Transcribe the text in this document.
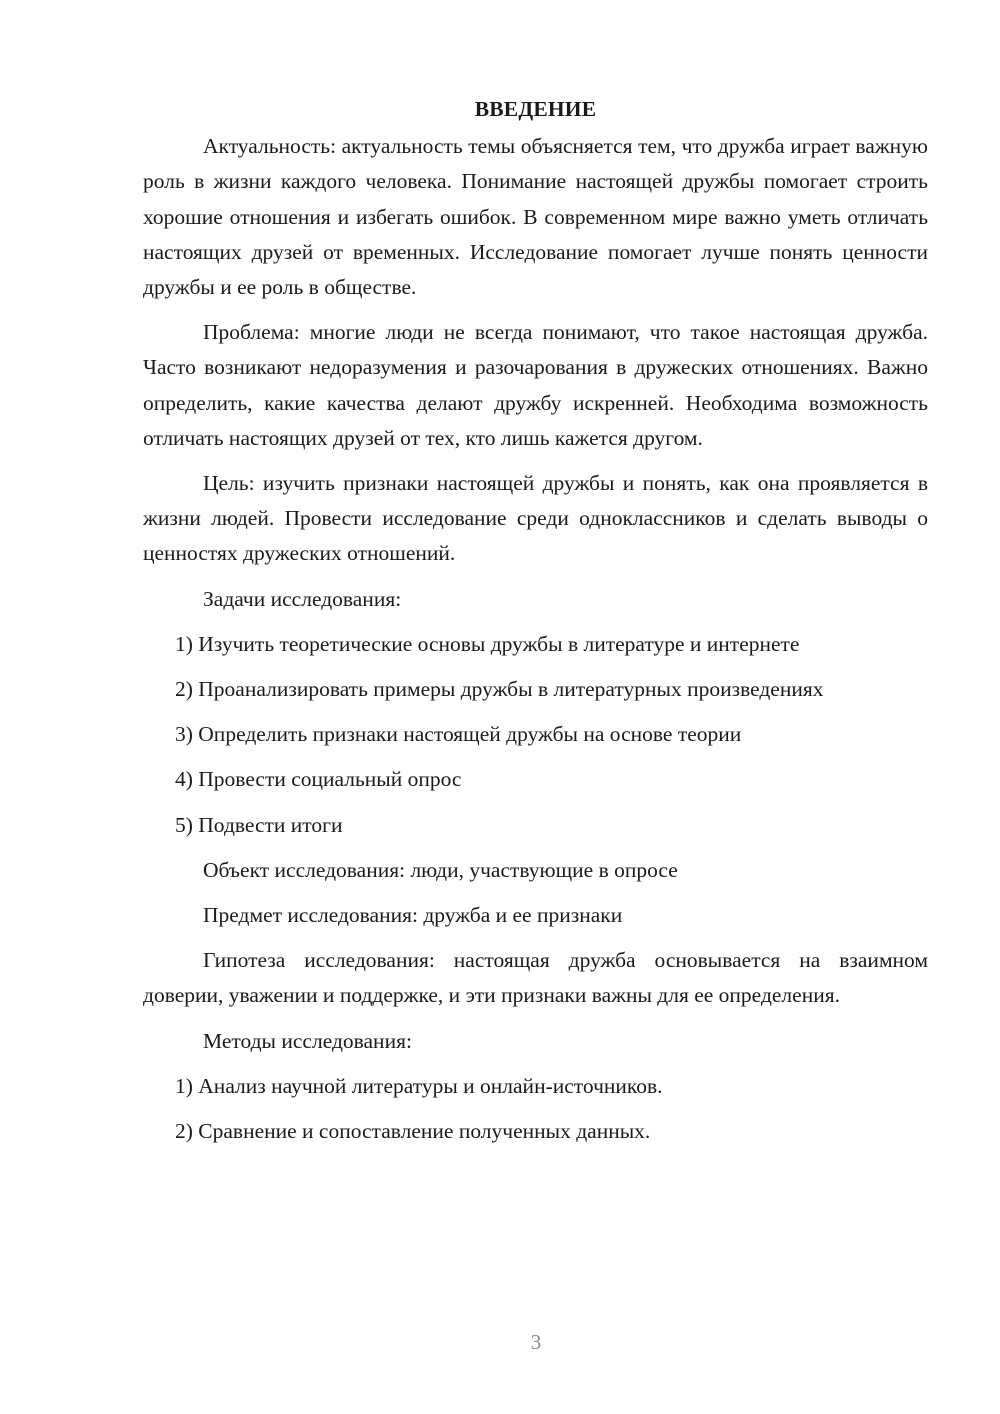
ВВЕДЕНИЕ

Актуальность: актуальность темы объясняется тем, что дружба играет важную роль в жизни каждого человека. Понимание настоящей дружбы помогает строить хорошие отношения и избегать ошибок. В современном мире важно уметь отличать настоящих друзей от временных. Исследование помогает лучше понять ценности дружбы и ее роль в обществе.

Проблема: многие люди не всегда понимают, что такое настоящая дружба. Часто возникают недоразумения и разочарования в дружеских отношениях. Важно определить, какие качества делают дружбу искренней. Необходима возможность отличать настоящих друзей от тех, кто лишь кажется другом.

Цель: изучить признаки настоящей дружбы и понять, как она проявляется в жизни людей. Провести исследование среди одноклассников и сделать выводы о ценностях дружеских отношений.

Задачи исследования:

1) Изучить теоретические основы дружбы в литературе и интернете

2) Проанализировать примеры дружбы в литературных произведениях

3) Определить признаки настоящей дружбы на основе теории

4) Провести социальный опрос

5) Подвести итоги

Объект исследования: люди, участвующие в опросе

Предмет исследования: дружба и ее признаки

Гипотеза исследования: настоящая дружба основывается на взаимном доверии, уважении и поддержке, и эти признаки важны для ее определения.

Методы исследования:

1) Анализ научной литературы и онлайн-источников.

2) Сравнение и сопоставление полученных данных.

3
